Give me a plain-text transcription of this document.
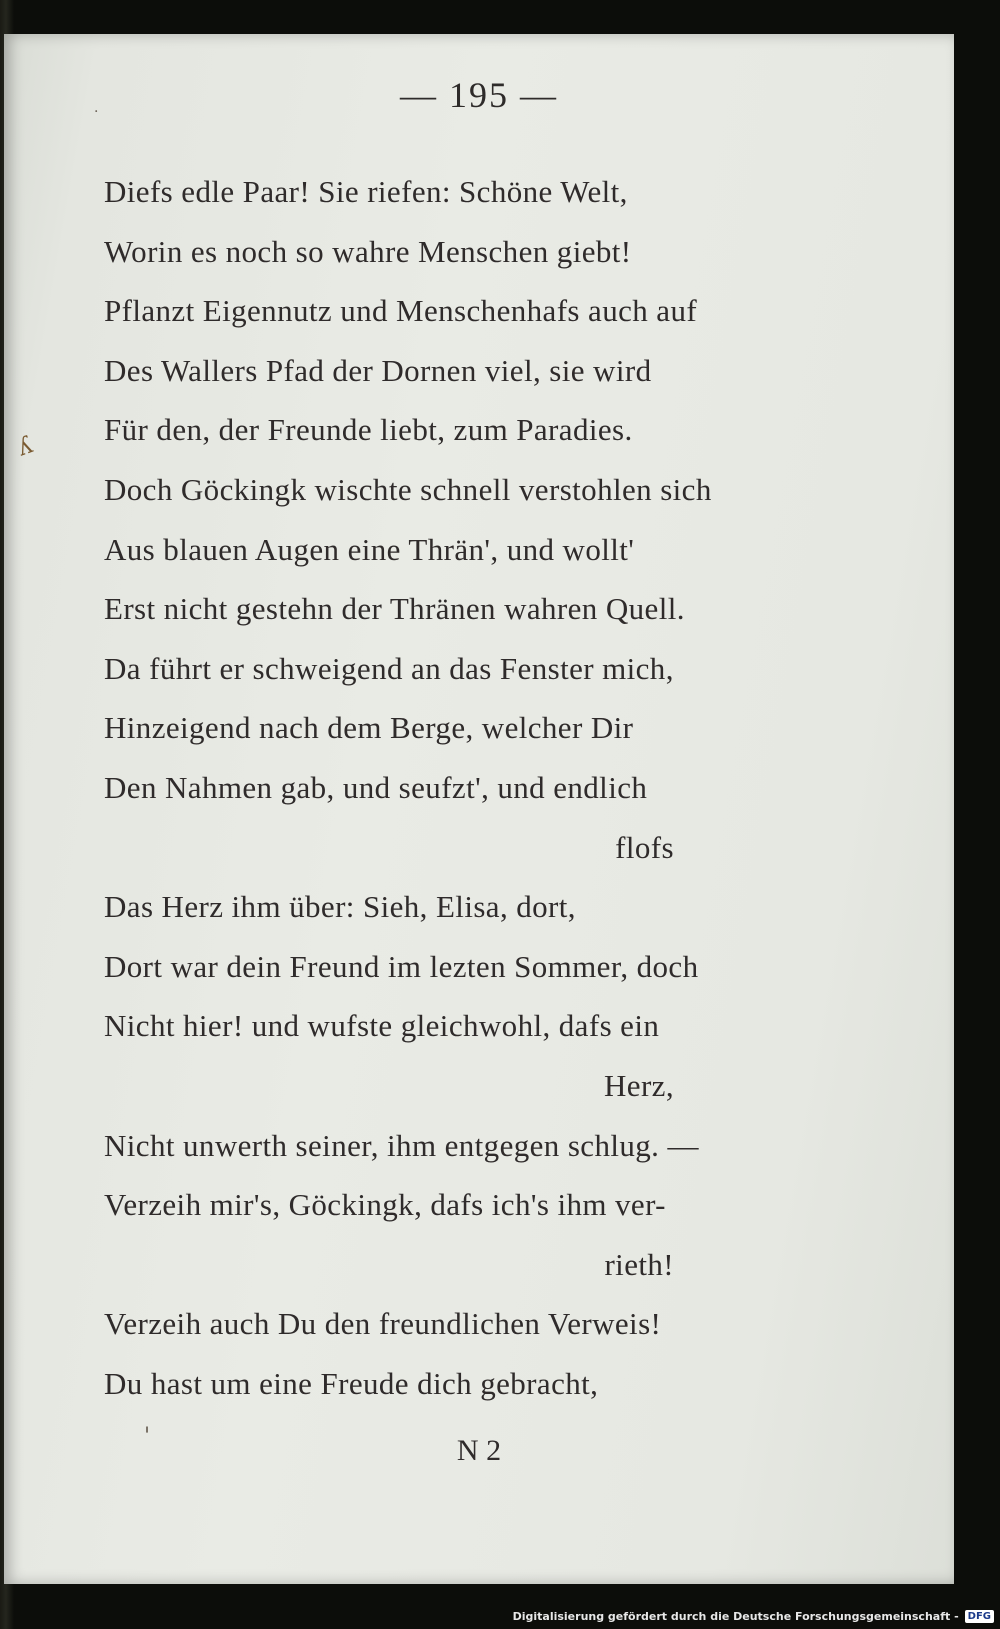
— 195 —
ʎ
'
·
Diefs edle Paar! Sie riefen: Schöne Welt,
Worin es noch so wahre Menschen giebt!
Pflanzt Eigennutz und Menschenhafs auch auf
Des Wallers Pfad der Dornen viel, sie wird
Für den, der Freunde liebt, zum Paradies.
Doch Göckingk wischte schnell verstohlen sich
Aus blauen Augen eine Thrän', und wollt'
Erst nicht gestehn der Thränen wahren Quell.
Da führt er schweigend an das Fenster mich,
Hinzeigend nach dem Berge, welcher Dir
Den Nahmen gab, und seufzt', und endlich
flofs
Das Herz ihm über: Sieh, Elisa, dort,
Dort war dein Freund im lezten Sommer, doch
Nicht hier! und wufste gleichwohl, dafs ein
Herz,
Nicht unwerth seiner, ihm entgegen schlug. —
Verzeih mir's, Göckingk, dafs ich's ihm ver-
rieth!
Verzeih auch Du den freundlichen Verweis!
Du hast um eine Freude dich gebracht,
N 2
Digitalisierung gefördert durch die Deutsche Forschungsgemeinschaft - DFG
